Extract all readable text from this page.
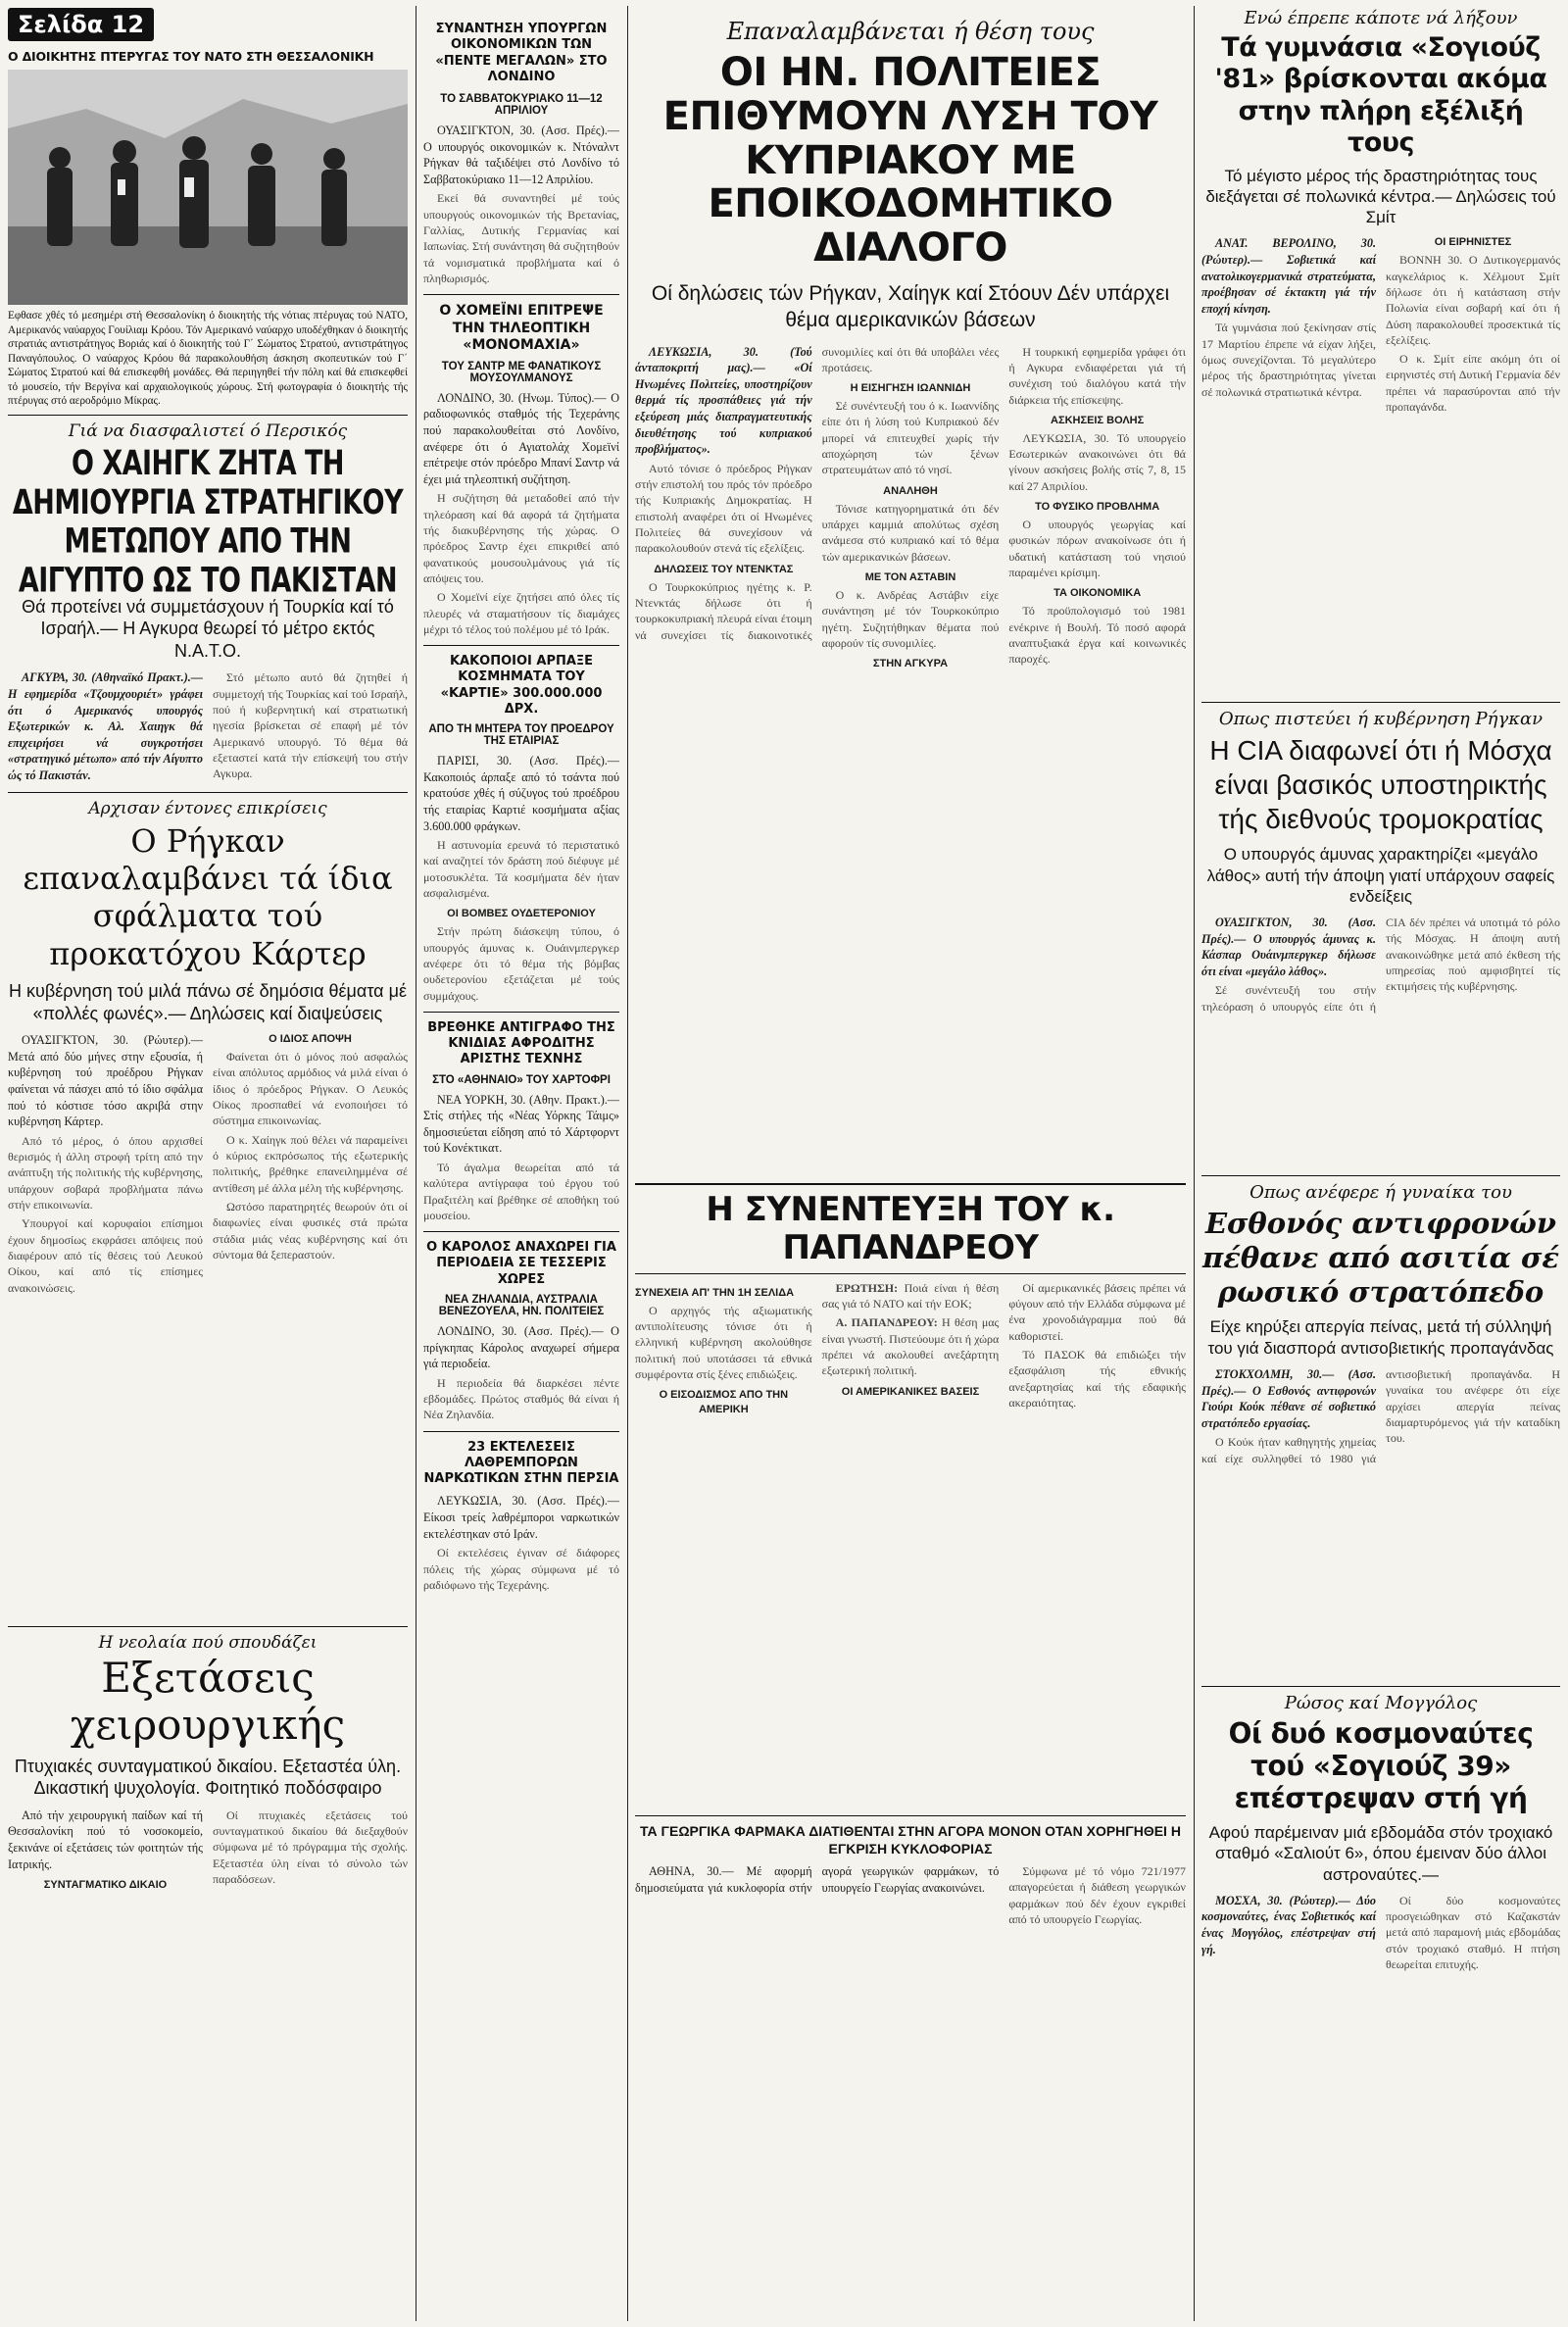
Σελίδα 12
Ο ΔΙΟΙΚΗΤΗΣ ΠΤΕΡΥΓΑΣ ΤΟΥ ΝΑΤΟ ΣΤΗ ΘΕΣΣΑΛΟΝΙΚΗ
Εφθασε χθές τό μεσημέρι στή Θεσσαλονίκη ό διοικητής τής νότιας πτέρυγας τού ΝΑΤΟ, Αμερικανός ναύαρχος Γουίλιαμ Κρόου. Τόν Αμερικανό ναύαρχο υποδέχθηκαν ό διοικητής στρατιάς αντιστράτηγος Βοριάς καί ό διοικητής τού Γ΄ Σώματος Στρατού, αντιστράτηγος Παναγόπουλος. Ο ναύαρχος Κρόου θά παρακολουθήση άσκηση σκοπευτικών τού Γ΄ Σώματος Στρατού καί θά επισκεφθή μονάδες. Θά περιηγηθεί τήν πόλη καί θά επισκεφθεί τό μουσείο, τήν Βεργίνα καί αρχαιολογικούς χώρους. Στή φωτογραφία ό διοικητής τής πτέρυγας στό αεροδρόμιο Μίκρας.
Γιά να διασφαλιστεί ό Περσικός
Ο ΧΑΙΗΓΚ ΖΗΤΑ ΤΗ ΔΗΜΙΟΥΡΓΙΑ ΣΤΡΑΤΗΓΙΚΟΥ ΜΕΤΩΠΟΥ ΑΠΟ ΤΗΝ ΑΙΓΥΠΤΟ ΩΣ ΤΟ ΠΑΚΙΣΤΑΝ
Θά προτείνει νά συμμετάσχουν ή Τουρκία καί τό Ισραήλ.— Η Αγκυρα θεωρεί τό μέτρο εκτός Ν.Α.Τ.Ο.

ΑΓΚΥΡΑ, 30. (Αθηναϊκό Πρακτ.).— Η εφημερίδα «Τζουμχουριέτ» γράφει ότι ό Αμερικανός υπουργός Εξωτερικών κ. Αλ. Χαιηγκ θά επιχειρήσει νά συγκροτήσει «στρατηγικό μέτωπο» από τήν Αίγυπτο ώς τό Πακιστάν.

Στό μέτωπο αυτό θά ζητηθεί ή συμμετοχή τής Τουρκίας καί τού Ισραήλ, πού ή κυβερνητική καί στρατιωτική ηγεσία βρίσκεται σέ επαφή μέ τόν Αμερικανό υπουργό. Τό θέμα θά εξεταστεί κατά τήν επίσκεψή του στήν Αγκυρα.

Αρχισαν έντονες επικρίσεις
Ο Ρήγκαν επαναλαμβάνει τά ίδια σφάλματα τού προκατόχου Κάρτερ
Η κυβέρνηση τού μιλά πάνω σέ δημόσια θέματα μέ «πολλές φωνές».— Δηλώσεις καί διαψεύσεις

ΟΥΑΣΙΓΚΤΟΝ, 30. (Ρώυτερ).— Μετά από δύο μήνες στην εξουσία, ή κυβέρνηση τού προέδρου Ρήγκαν φαίνεται νά πάσχει από τό ίδιο σφάλμα πού τό κόστισε τόσο ακριβά στην κυβέρνηση Κάρτερ.

Από τό μέρος, ό όπου αρχισθεί θερισμός ή άλλη στροφή τρίτη από την ανάπτυξη τής πολιτικής τής κυβέρνησης, υπάρχουν σοβαρά προβλήματα πάνω στήν επικοινωνία.

Υπουργοί καί κορυφαίοι επίσημοι έχουν δημοσίως εκφράσει απόψεις πού διαφέρουν από τίς θέσεις τού Λευκού Οίκου, καί από τίς επίσημες ανακοινώσεις.

Ο ΙΔΙΟΣ ΑΠΟΨΗ

Φαίνεται ότι ό μόνος πού ασφαλώς είναι απόλυτος αρμόδιος νά μιλά είναι ό ίδιος ό πρόεδρος Ρήγκαν. Ο Λευκός Οίκος προσπαθεί νά ενοποιήσει τό σύστημα επικοινωνίας.

Ο κ. Χαίηγκ πού θέλει νά παραμείνει ό κύριος εκπρόσωπος τής εξωτερικής πολιτικής, βρέθηκε επανειλημμένα σέ αντίθεση μέ άλλα μέλη τής κυβέρνησης.

Ωστόσο παρατηρητές θεωρούν ότι οί διαφωνίες είναι φυσικές στά πρώτα στάδια μιάς νέας κυβέρνησης καί ότι σύντομα θά ξεπεραστούν.

Η νεολαία πού σπουδάζει
Εξετάσεις χειρουργικής
Πτυχιακές συνταγματικού δικαίου. Εξεταστέα ύλη. Δικαστική ψυχολογία. Φοιτητικό ποδόσφαιρο

Από τήν χειρουργική παίδων καί τή Θεσσαλονίκη πού τό νοσοκομείο, ξεκινάνε οί εξετάσεις τών φοιτητών τής Ιατρικής.

ΣΥΝΤΑΓΜΑΤΙΚΟ ΔΙΚΑΙΟ

Οί πτυχιακές εξετάσεις τού συνταγματικού δικαίου θά διεξαχθούν σύμφωνα μέ τό πρόγραμμα τής σχολής. Εξεταστέα ύλη είναι τό σύνολο τών παραδόσεων.

ΣΥΝΑΝΤΗΣΗ ΥΠΟΥΡΓΩΝ ΟΙΚΟΝΟΜΙΚΩΝ ΤΩΝ «ΠΕΝΤΕ ΜΕΓΑΛΩΝ» ΣΤΟ ΛΟΝΔΙΝΟ
ΤΟ ΣΑΒΒΑΤΟΚΥΡΙΑΚΟ 11—12 ΑΠΡΙΛΙΟΥ

ΟΥΑΣΙΓΚΤΟΝ, 30. (Ασσ. Πρές).— Ο υπουργός οικονομικών κ. Ντόναλντ Ρήγκαν θά ταξιδέψει στό Λονδίνο τό Σαββατοκύριακο 11—12 Απριλίου.

Εκεί θά συναντηθεί μέ τούς υπουργούς οικονομικών τής Βρετανίας, Γαλλίας, Δυτικής Γερμανίας καί Ιαπωνίας. Στή συνάντηση θά συζητηθούν τά νομισματικά προβλήματα καί ό πληθωρισμός.

Ο ΧΟΜΕΪΝΙ ΕΠΙΤΡΕΨΕ ΤΗΝ ΤΗΛΕΟΠΤΙΚΗ «ΜΟΝΟΜΑΧΙΑ»
ΤΟΥ ΣΑΝΤΡ ΜΕ ΦΑΝΑΤΙΚΟΥΣ ΜΟΥΣΟΥΛΜΑΝΟΥΣ

ΛΟΝΔΙΝΟ, 30. (Ηνωμ. Τύπος).— Ο ραδιοφωνικός σταθμός τής Τεχεράνης πού παρακολουθείται στό Λονδίνο, ανέφερε ότι ό Αγιατολάχ Χομεϊνί επέτρεψε στόν πρόεδρο Μπανί Σαντρ νά έχει μιά τηλεοπτική συζήτηση.

Η συζήτηση θά μεταδοθεί από τήν τηλεόραση καί θά αφορά τά ζητήματα τής διακυβέρνησης τής χώρας. Ο πρόεδρος Σαντρ έχει επικριθεί από φανατικούς μουσουλμάνους γιά τίς απόψεις του.

Ο Χομεϊνί είχε ζητήσει από όλες τίς πλευρές νά σταματήσουν τίς διαμάχες μέχρι τό τέλος τού πολέμου μέ τό Ιράκ.

ΚΑΚΟΠΟΙΟΙ ΑΡΠΑΞΕ ΚΟΣΜΗΜΑΤΑ ΤΟΥ «ΚΑΡΤΙΕ» 300.000.000 ΔΡΧ.
ΑΠΟ ΤΗ ΜΗΤΕΡΑ ΤΟΥ ΠΡΟΕΔΡΟΥ ΤΗΣ ΕΤΑΙΡΙΑΣ

ΠΑΡΙΣΙ, 30. (Ασσ. Πρές).— Κακοποιός άρπαξε από τό τσάντα πού κρατούσε χθές ή σύζυγος τού προέδρου τής εταιρίας Καρτιέ κοσμήματα αξίας 3.600.000 φράγκων.

Η αστυνομία ερευνά τό περιστατικό καί αναζητεί τόν δράστη πού διέφυγε μέ μοτοσυκλέτα. Τά κοσμήματα δέν ήταν ασφαλισμένα.

ΟΙ ΒΟΜΒΕΣ ΟΥΔΕΤΕΡΟΝΙΟΥ

Στήν πρώτη διάσκεψη τύπου, ό υπουργός άμυνας κ. Ουάινμπεργκερ ανέφερε ότι τό θέμα τής βόμβας ουδετερονίου εξετάζεται μέ τούς συμμάχους.

ΒΡΕΘΗΚΕ ΑΝΤΙΓΡΑΦΟ ΤΗΣ ΚΝΙΔΙΑΣ ΑΦΡΟΔΙΤΗΣ ΑΡΙΣΤΗΣ ΤΕΧΝΗΣ
ΣΤΟ «ΑΘΗΝΑΙΟ» ΤΟΥ ΧΑΡΤΟΦΡΙ

ΝΕΑ ΥΟΡΚΗ, 30. (Αθην. Πρακτ.).— Στίς στήλες τής «Νέας Υόρκης Τάιμς» δημοσιεύεται είδηση από τό Χάρτφορντ τού Κονέκτικατ.

Τό άγαλμα θεωρείται από τά καλύτερα αντίγραφα τού έργου τού Πραξιτέλη καί βρέθηκε σέ αποθήκη τού μουσείου.

Ο ΚΑΡΟΛΟΣ ΑΝΑΧΩΡΕΙ ΓΙΑ ΠΕΡΙΟΔΕΙΑ ΣΕ ΤΕΣΣΕΡΙΣ ΧΩΡΕΣ
ΝΕΑ ΖΗΛΑΝΔΙΑ, ΑΥΣΤΡΑΛΙΑ ΒΕΝΕΖΟΥΕΛΑ, ΗΝ. ΠΟΛΙΤΕΙΕΣ

ΛΟΝΔΙΝΟ, 30. (Ασσ. Πρές).— Ο πρίγκηπας Κάρολος αναχωρεί σήμερα γιά περιοδεία.

Η περιοδεία θά διαρκέσει πέντε εβδομάδες. Πρώτος σταθμός θά είναι ή Νέα Ζηλανδία.

23 ΕΚΤΕΛΕΣΕΙΣ ΛΑΘΡΕΜΠΟΡΩΝ ΝΑΡΚΩΤΙΚΩΝ ΣΤΗΝ ΠΕΡΣΙΑ

ΛΕΥΚΩΣΙΑ, 30. (Ασσ. Πρές).— Είκοσι τρείς λαθρέμποροι ναρκωτικών εκτελέστηκαν στό Ιράν.

Οί εκτελέσεις έγιναν σέ διάφορες πόλεις τής χώρας σύμφωνα μέ τό ραδιόφωνο τής Τεχεράνης.

Επαναλαμβάνεται ή θέση τους
ΟΙ ΗΝ. ΠΟΛΙΤΕΙΕΣ ΕΠΙΘΥΜΟΥΝ ΛΥΣΗ ΤΟΥ ΚΥΠΡΙΑΚΟΥ ΜΕ ΕΠΟΙΚΟΔΟΜΗΤΙΚΟ ΔΙΑΛΟΓΟ
Οί δηλώσεις τών Ρήγκαν, Χαίηγκ καί Στόουν Δέν υπάρχει θέμα αμερικανικών βάσεων

ΛΕΥΚΩΣΙΑ, 30. (Τού άνταποκριτή μας).— «Οί Ηνωμένες Πολιτείες, υποστηρίζουν θερμά τίς προσπάθειες γιά τήν εξεύρεση μιάς διαπραγματευτικής διευθέτησης τού κυπριακού προβλήματος».

Αυτό τόνισε ό πρόεδρος Ρήγκαν στήν επιστολή του πρός τόν πρόεδρο τής Κυπριακής Δημοκρατίας. Η επιστολή αναφέρει ότι οί Ηνωμένες Πολιτείες θά συνεχίσουν νά παρακολουθούν στενά τίς εξελίξεις.

ΔΗΛΩΣΕΙΣ ΤΟΥ ΝΤΕΝΚΤΑΣ

Ο Τουρκοκύπριος ηγέτης κ. Ρ. Ντενκτάς δήλωσε ότι ή τουρκοκυπριακή πλευρά είναι έτοιμη νά συνεχίσει τίς διακοινοτικές συνομιλίες καί ότι θά υποβάλει νέες προτάσεις.

Η ΕΙΣΗΓΗΣΗ ΙΩΑΝΝΙΔΗ

Σέ συνέντευξή του ό κ. Ιωαννίδης είπε ότι ή λύση τού Κυπριακού δέν μπορεί νά επιτευχθεί χωρίς τήν αποχώρηση τών ξένων στρατευμάτων από τό νησί.

ΑΝΑΛΗΘΗ

Τόνισε κατηγορηματικά ότι δέν υπάρχει καμμιά απολύτως σχέση ανάμεσα στό κυπριακό καί τό θέμα τών αμερικανικών βάσεων.

ΜΕ ΤΟΝ ΑΣΤΑΒΙΝ

Ο κ. Ανδρέας Αστάβιν είχε συνάντηση μέ τόν Τουρκοκύπριο ηγέτη. Συζητήθηκαν θέματα πού αφορούν τίς συνομιλίες.

ΣΤΗΝ ΑΓΚΥΡΑ

Η τουρκική εφημερίδα γράφει ότι ή Αγκυρα ενδιαφέρεται γιά τή συνέχιση τού διαλόγου κατά τήν διάρκεια τής επίσκεψης.

ΑΣΚΗΣΕΙΣ ΒΟΛΗΣ

ΛΕΥΚΩΣΙΑ, 30. Τό υπουργείο Εσωτερικών ανακοινώνει ότι θά γίνουν ασκήσεις βολής στίς 7, 8, 15 καί 27 Απριλίου.

ΤΟ ΦΥΣΙΚΟ ΠΡΟΒΛΗΜΑ

Ο υπουργός γεωργίας καί φυσικών πόρων ανακοίνωσε ότι ή υδατική κατάσταση τού νησιού παραμένει κρίσιμη.

ΤΑ ΟΙΚΟΝΟΜΙΚΑ

Τό προϋπολογισμό τού 1981 ενέκρινε ή Βουλή. Τό ποσό αφορά αναπτυξιακά έργα καί κοινωνικές παροχές.

Η ΣΥΝΕΝΤΕΥΞΗ ΤΟΥ κ. ΠΑΠΑΝΔΡΕΟΥ
ΣΥΝΕΧΕΙΑ ΑΠ' ΤΗΝ 1Η ΣΕΛΙΔΑ

Ο αρχηγός τής αξιωματικής αντιπολίτευσης τόνισε ότι ή ελληνική κυβέρνηση ακολούθησε πολιτική πού υποτάσσει τά εθνικά συμφέροντα στίς ξένες επιδιώξεις.

Ο ΕΙΣΟΔΙΣΜΟΣ ΑΠΟ ΤΗΝ ΑΜΕΡΙΚΗ

ΕΡΩΤΗΣΗ: Ποιά είναι ή θέση σας γιά τό ΝΑΤΟ καί τήν ΕΟΚ;

Α. ΠΑΠΑΝΔΡΕΟΥ: Η θέση μας είναι γνωστή. Πιστεύουμε ότι ή χώρα πρέπει νά ακολουθεί ανεξάρτητη εξωτερική πολιτική.

ΟΙ ΑΜΕΡΙΚΑΝΙΚΕΣ ΒΑΣΕΙΣ

Οί αμερικανικές βάσεις πρέπει νά φύγουν από τήν Ελλάδα σύμφωνα μέ ένα χρονοδιάγραμμα πού θά καθοριστεί.

Τό ΠΑΣΟΚ θά επιδιώξει τήν εξασφάλιση τής εθνικής ανεξαρτησίας καί τής εδαφικής ακεραιότητας.

ΤΑ ΓΕΩΡΓΙΚΑ ΦΑΡΜΑΚΑ ΔΙΑΤΙΘΕΝΤΑΙ ΣΤΗΝ ΑΓΟΡΑ ΜΟΝΟΝ ΟΤΑΝ ΧΟΡΗΓΗΘΕΙ Η ΕΓΚΡΙΣΗ ΚΥΚΛΟΦΟΡΙΑΣ

ΑΘΗΝΑ, 30.— Μέ αφορμή δημοσιεύματα γιά κυκλοφορία στήν αγορά γεωργικών φαρμάκων, τό υπουργείο Γεωργίας ανακοινώνει.

Σύμφωνα μέ τό νόμο 721/1977 απαγορεύεται ή διάθεση γεωργικών φαρμάκων πού δέν έχουν εγκριθεί από τό υπουργείο Γεωργίας.

Ενώ έπρεπε κάποτε νά λήξουν
Τά γυμνάσια «Σογιούζ '81» βρίσκονται ακόμα στην πλήρη εξέλιξή τους
Τό μέγιστο μέρος τής δραστηριότητας τους διεξάγεται σέ πολωνικά κέντρα.— Δηλώσεις τού Σμίτ

ΑΝΑΤ. ΒΕΡΟΛΙΝΟ, 30. (Ρώυτερ).— Σοβιετικά καί ανατολικογερμανικά στρατεύματα, προέβησαν σέ έκτακτη γιά τήν εποχή κίνηση.

Τά γυμνάσια πού ξεκίνησαν στίς 17 Μαρτίου έπρεπε νά είχαν λήξει, όμως συνεχίζονται. Τό μεγαλύτερο μέρος τής δραστηριότητας γίνεται σέ πολωνικά στρατιωτικά κέντρα.

ΟΙ ΕΙΡΗΝΙΣΤΕΣ

ΒΟΝΝΗ 30. Ο Δυτικογερμανός καγκελάριος κ. Χέλμουτ Σμίτ δήλωσε ότι ή κατάσταση στήν Πολωνία είναι σοβαρή καί ότι ή Δύση παρακολουθεί προσεκτικά τίς εξελίξεις.

Ο κ. Σμίτ είπε ακόμη ότι οί ειρηνιστές στή Δυτική Γερμανία δέν πρέπει νά παρασύρονται από τήν προπαγάνδα.

Οπως πιστεύει ή κυβέρνηση Ρήγκαν
Η CIA διαφωνεί ότι ή Μόσχα είναι βασικός υποστηρικτής τής διεθνούς τρομοκρατίας
Ο υπουργός άμυνας χαρακτηρίζει «μεγάλο λάθος» αυτή τήν άποψη γιατί υπάρχουν σαφείς ενδείξεις

ΟΥΑΣΙΓΚΤΟΝ, 30. (Ασσ. Πρές).— Ο υπουργός άμυνας κ. Κάσπαρ Ουάινμπεργκερ δήλωσε ότι είναι «μεγάλο λάθος».

Σέ συνέντευξή του στήν τηλεόραση ό υπουργός είπε ότι ή CIA δέν πρέπει νά υποτιμά τό ρόλο τής Μόσχας. Η άποψη αυτή ανακοινώθηκε μετά από έκθεση τής υπηρεσίας πού αμφισβητεί τίς εκτιμήσεις τής κυβέρνησης.

Οπως ανέφερε ή γυναίκα του
Εσθονός αντιφρονών πέθανε από ασιτία σέ ρωσικό στρατόπεδο
Είχε κηρύξει απεργία πείνας, μετά τή σύλληψή του γιά διασπορά αντισοβιετικής προπαγάνδας

ΣΤΟΚΧΟΛΜΗ, 30.— (Ασσ. Πρές).— Ο Εσθονός αντιφρονών Γιούρι Κούκ πέθανε σέ σοβιετικό στρατόπεδο εργασίας.

Ο Κούκ ήταν καθηγητής χημείας καί είχε συλληφθεί τό 1980 γιά αντισοβιετική προπαγάνδα. Η γυναίκα του ανέφερε ότι είχε αρχίσει απεργία πείνας διαμαρτυρόμενος γιά τήν καταδίκη του.

Ρώσος καί Μογγόλος
Οί δυό κοσμοναύτες τού «Σογιούζ 39» επέστρεψαν στή γή
Αφού παρέμειναν μιά εβδομάδα στόν τροχιακό σταθμό «Σαλιούτ 6», όπου έμειναν δύο άλλοι αστροναύτες.—

ΜΟΣΧΑ, 30. (Ρώυτερ).— Δύο κοσμοναύτες, ένας Σοβιετικός καί ένας Μογγόλος, επέστρεψαν στή γή.

Οί δύο κοσμοναύτες προσγειώθηκαν στό Καζακστάν μετά από παραμονή μιάς εβδομάδας στόν τροχιακό σταθμό. Η πτήση θεωρείται επιτυχής.
